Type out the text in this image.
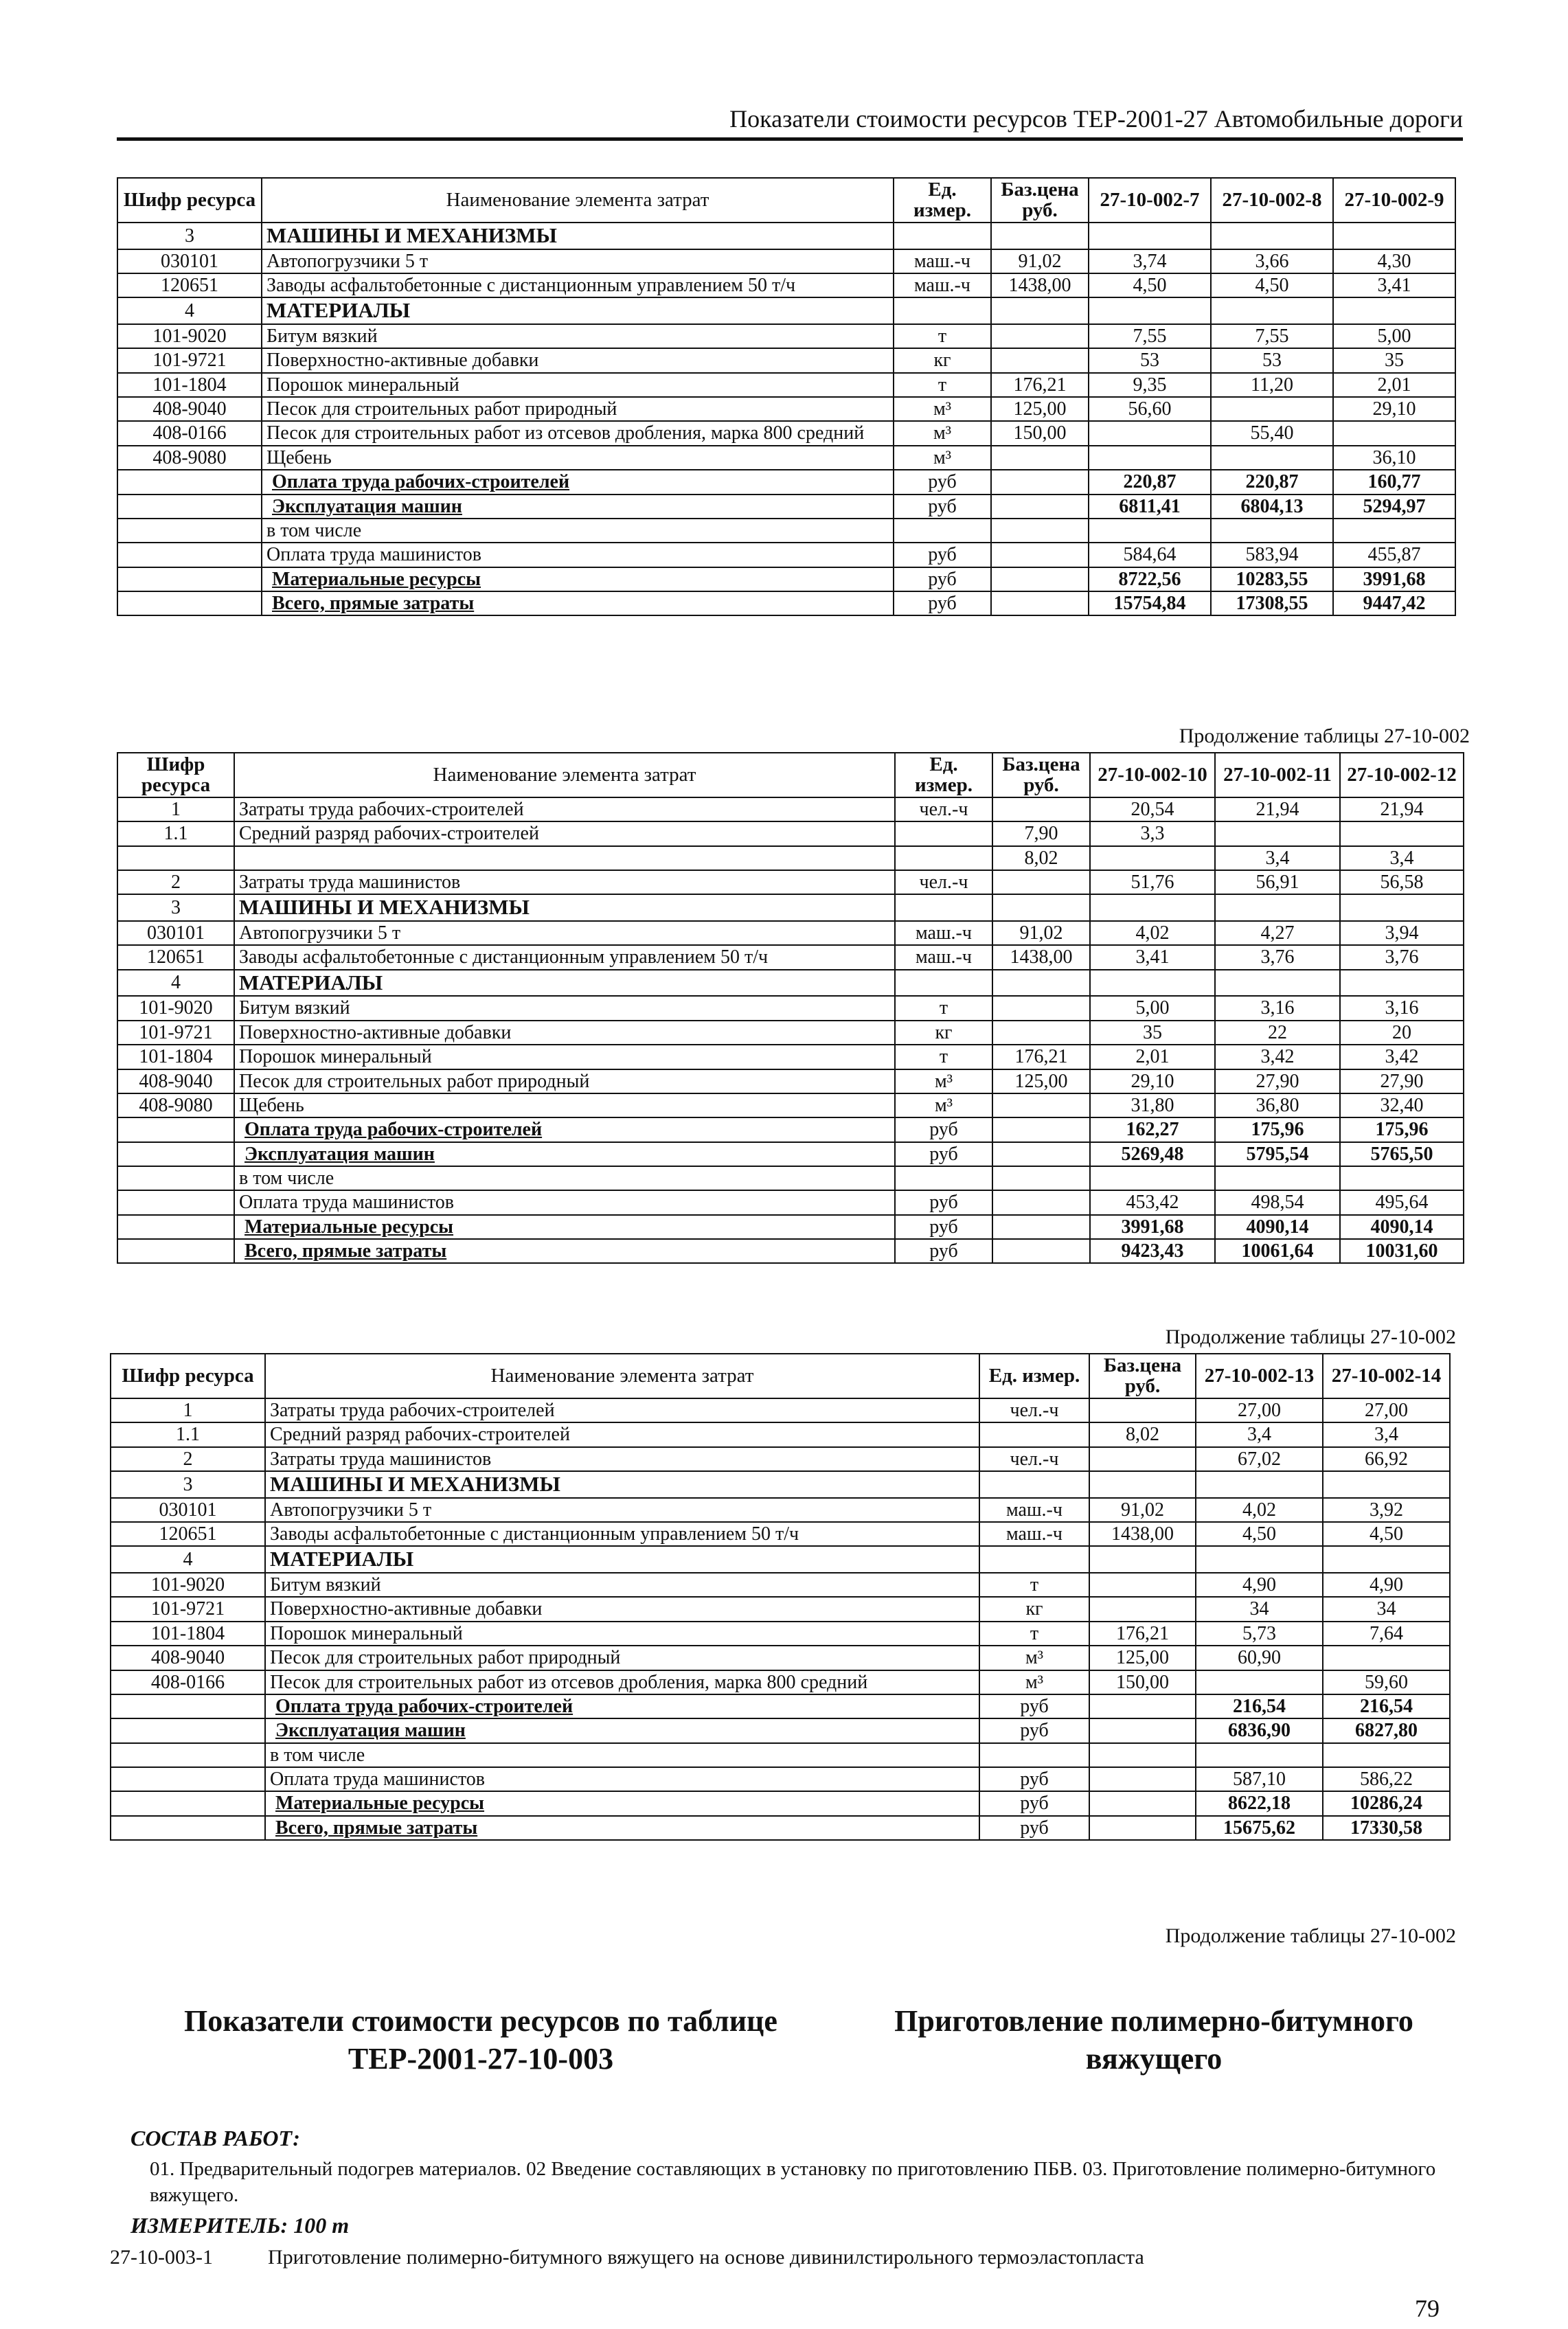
Показатели стоимости ресурсов ТЕР-2001-27 Автомобильные дороги
Шифр ресурса	Наименование элемента затрат	Ед. измер.	Баз.цена руб.	27-10-002-7	27-10-002-8	27-10-002-9
3	МАШИНЫ И МЕХАНИЗМЫ					
030101	Автопогрузчики 5 т	маш.-ч	91,02	3,74	3,66	4,30
120651	Заводы асфальтобетонные с дистанционным управлением 50 т/ч	маш.-ч	1438,00	4,50	4,50	3,41
4	МАТЕРИАЛЫ					
101-9020	Битум вязкий	т		7,55	7,55	5,00
101-9721	Поверхностно-активные добавки	кг		53	53	35
101-1804	Порошок минеральный	т	176,21	9,35	11,20	2,01
408-9040	Песок для строительных работ природный	м³	125,00	56,60		29,10
408-0166	Песок для строительных работ из отсевов дробления, марка 800 средний	м³	150,00		55,40	
408-9080	Щебень	м³				36,10
	Оплата труда рабочих-строителей	руб		220,87	220,87	160,77
	Эксплуатация машин	руб		6811,41	6804,13	5294,97
	в том числе					
	Оплата труда машинистов	руб		584,64	583,94	455,87
	Материальные ресурсы	руб		8722,56	10283,55	3991,68
	Всего, прямые затраты	руб		15754,84	17308,55	9447,42
Продолжение таблицы 27-10-002
Шифр ресурса	Наименование элемента затрат	Ед. измер.	Баз.цена руб.	27-10-002-10	27-10-002-11	27-10-002-12
1	Затраты труда рабочих-строителей	чел.-ч		20,54	21,94	21,94
1.1	Средний разряд рабочих-строителей		7,90	3,3		
			8,02		3,4	3,4
2	Затраты труда машинистов	чел.-ч		51,76	56,91	56,58
3	МАШИНЫ И МЕХАНИЗМЫ					
030101	Автопогрузчики 5 т	маш.-ч	91,02	4,02	4,27	3,94
120651	Заводы асфальтобетонные с дистанционным управлением 50 т/ч	маш.-ч	1438,00	3,41	3,76	3,76
4	МАТЕРИАЛЫ					
101-9020	Битум вязкий	т		5,00	3,16	3,16
101-9721	Поверхностно-активные добавки	кг		35	22	20
101-1804	Порошок минеральный	т	176,21	2,01	3,42	3,42
408-9040	Песок для строительных работ природный	м³	125,00	29,10	27,90	27,90
408-9080	Щебень	м³		31,80	36,80	32,40
	Оплата труда рабочих-строителей	руб		162,27	175,96	175,96
	Эксплуатация машин	руб		5269,48	5795,54	5765,50
	в том числе					
	Оплата труда машинистов	руб		453,42	498,54	495,64
	Материальные ресурсы	руб		3991,68	4090,14	4090,14
	Всего, прямые затраты	руб		9423,43	10061,64	10031,60
Продолжение таблицы 27-10-002
Шифр ресурса	Наименование элемента затрат	Ед. измер.	Баз.цена руб.	27-10-002-13	27-10-002-14
1	Затраты труда рабочих-строителей	чел.-ч		27,00	27,00
1.1	Средний разряд рабочих-строителей		8,02	3,4	3,4
2	Затраты труда машинистов	чел.-ч		67,02	66,92
3	МАШИНЫ И МЕХАНИЗМЫ				
030101	Автопогрузчики 5 т	маш.-ч	91,02	4,02	3,92
120651	Заводы асфальтобетонные с дистанционным управлением 50 т/ч	маш.-ч	1438,00	4,50	4,50
4	МАТЕРИАЛЫ				
101-9020	Битум вязкий	т		4,90	4,90
101-9721	Поверхностно-активные добавки	кг		34	34
101-1804	Порошок минеральный	т	176,21	5,73	7,64
408-9040	Песок для строительных работ природный	м³	125,00	60,90	
408-0166	Песок для строительных работ из отсевов дробления, марка 800 средний	м³	150,00		59,60
	Оплата труда рабочих-строителей	руб		216,54	216,54
	Эксплуатация машин	руб		6836,90	6827,80
	в том числе				
	Оплата труда машинистов	руб		587,10	586,22
	Материальные ресурсы	руб		8622,18	10286,24
	Всего, прямые затраты	руб		15675,62	17330,58
Продолжение таблицы 27-10-002
Показатели стоимости ресурсов по таблице ТЕР-2001-27-10-003
Приготовление полимерно-битумного вяжущего
СОСТАВ РАБОТ:
01. Предварительный подогрев материалов. 02 Введение составляющих в установку по приготовлению ПБВ. 03. Приготовление полимерно-битумного вяжущего.
ИЗМЕРИТЕЛЬ: 100 т
27-10-003-1	Приготовление полимерно-битумного вяжущего на основе дивинилстирольного термоэластопласта
79
